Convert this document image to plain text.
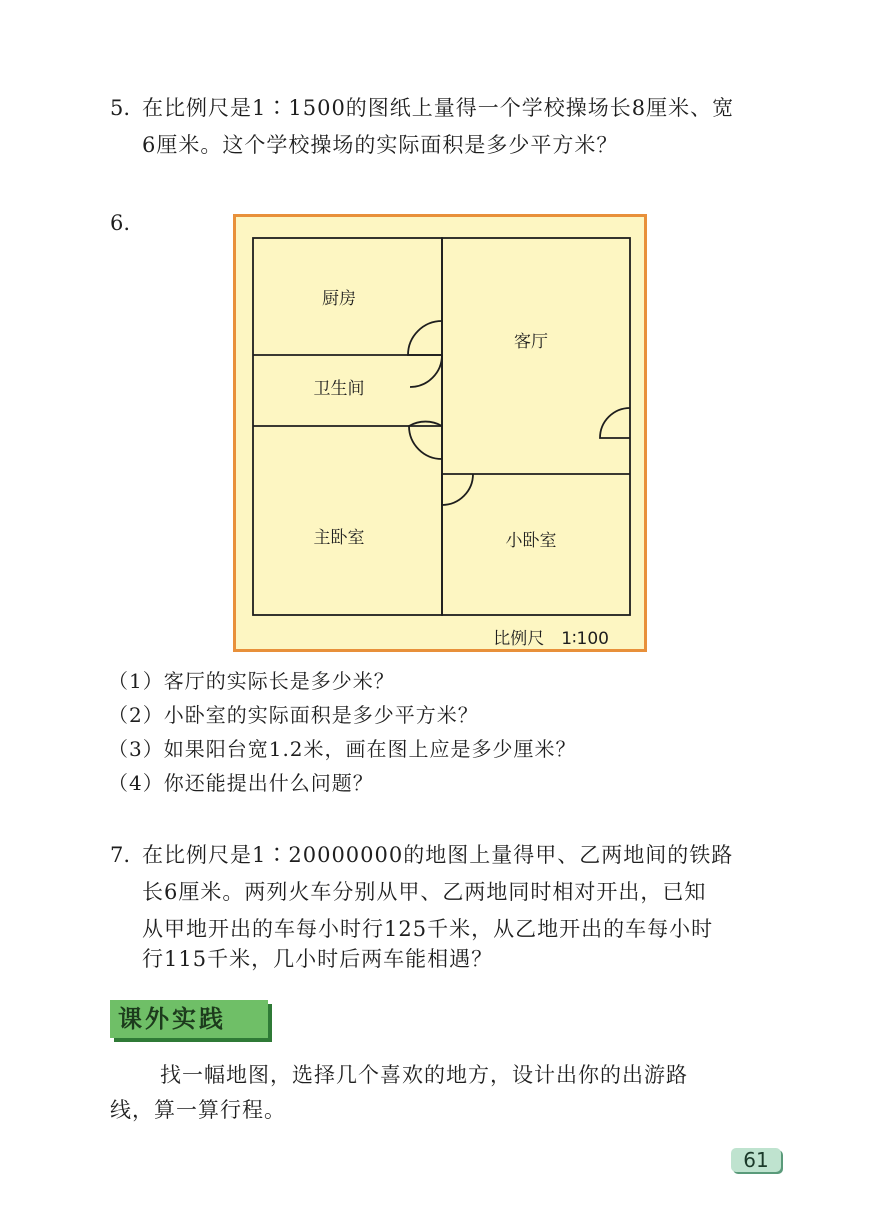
5. 在比例尺是1∶1500的图纸上量得一个学校操场长8厘米、宽

6厘米。这个学校操场的实际面积是多少平方米？

6.
厨房
客厅
卫生间
主卧室	小卧室
比例尺　1∶100
（1）客厅的实际长是多少米？
（2）小卧室的实际面积是多少平方米？
（3）如果阳台宽1.2米，画在图上应是多少厘米？
（4）你还能提出什么问题？
7. 在比例尺是1∶20000000的地图上量得甲、乙两地间的铁路

长6厘米。两列火车分别从甲、乙两地同时相对开出，已知

从甲地开出的车每小时行125千米，从乙地开出的车每小时

行115千米，几小时后两车能相遇？

课外实践

找一幅地图，选择几个喜欢的地方，设计出你的出游路

线，算一算行程。

61
